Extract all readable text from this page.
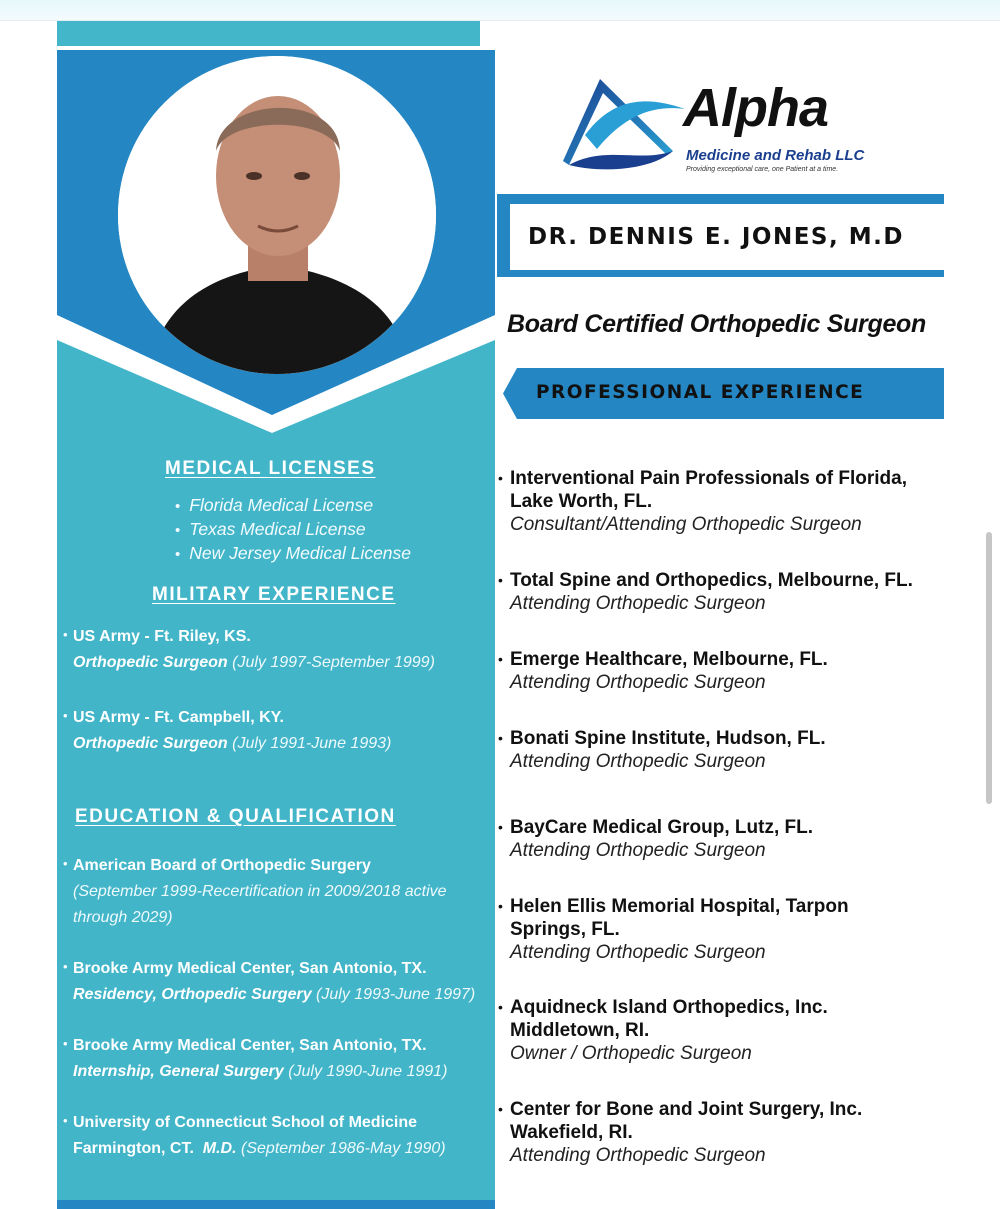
MEDICAL LICENSES
• Florida Medical License
• Texas Medical License
• New Jersey Medical License
MILITARY EXPERIENCE
• US Army - Ft. Riley, KS.
Orthopedic Surgeon (July 1997-September 1999)
• US Army - Ft. Campbell, KY.
Orthopedic Surgeon (July 1991-June 1993)
EDUCATION & QUALIFICATION
• American Board of Orthopedic Surgery
(September 1999-Recertification in 2009/2018 active
through 2029)
• Brooke Army Medical Center, San Antonio, TX.
Residency, Orthopedic Surgery (July 1993-June 1997)
• Brooke Army Medical Center, San Antonio, TX.
Internship, General Surgery (July 1990-June 1991)
• University of Connecticut School of Medicine
Farmington, CT. M.D. (September 1986-May 1990)
Alpha
Medicine and Rehab LLC
Providing exceptional care, one Patient at a time.
DR. DENNIS E. JONES, M.D
Board Certified Orthopedic Surgeon
PROFESSIONAL EXPERIENCE
• Interventional Pain Professionals of Florida,
Lake Worth, FL.
Consultant/Attending Orthopedic Surgeon
• Total Spine and Orthopedics, Melbourne, FL.
Attending Orthopedic Surgeon
• Emerge Healthcare, Melbourne, FL.
Attending Orthopedic Surgeon
• Bonati Spine Institute, Hudson, FL.
Attending Orthopedic Surgeon
• BayCare Medical Group, Lutz, FL.
Attending Orthopedic Surgeon
• Helen Ellis Memorial Hospital, Tarpon
Springs, FL.
Attending Orthopedic Surgeon
• Aquidneck Island Orthopedics, Inc.
Middletown, RI.
Owner / Orthopedic Surgeon
• Center for Bone and Joint Surgery, Inc.
Wakefield, RI.
Attending Orthopedic Surgeon
